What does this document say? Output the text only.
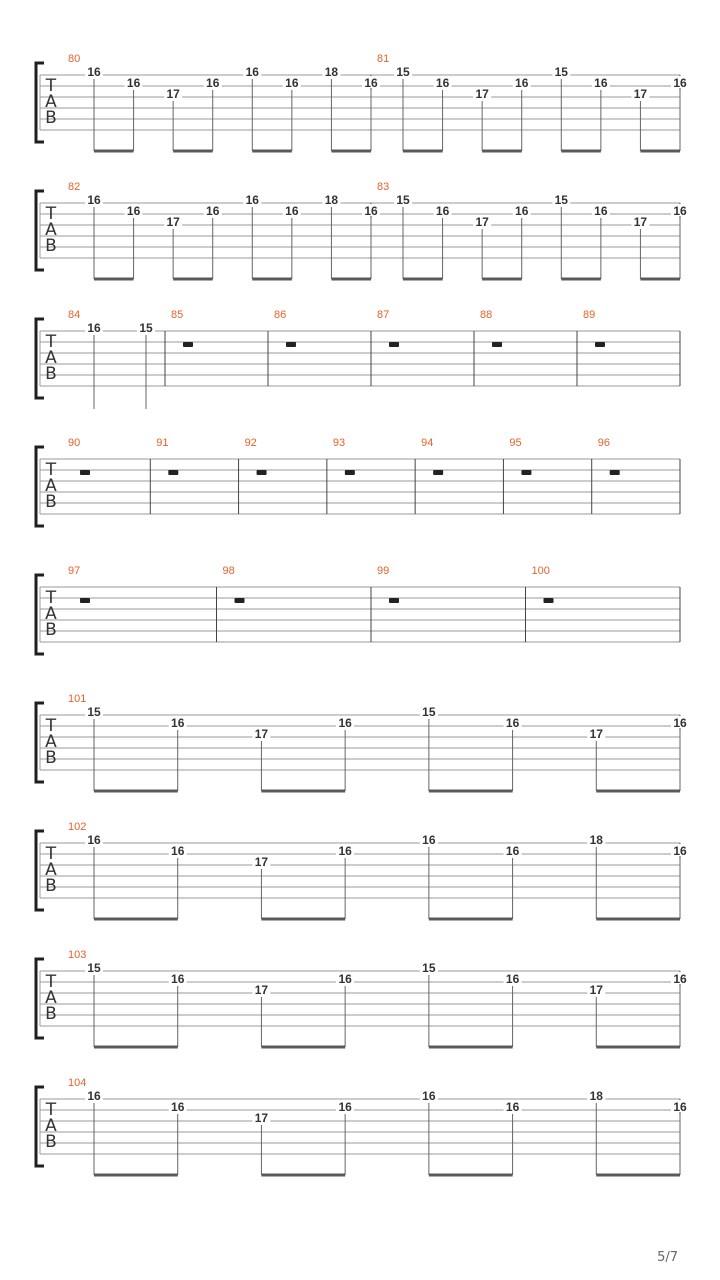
T
A
B
80
16
16
17
16
16
16
18
16
81
15
16
17
16
15
16
17
16
T
A
B
82
16
16
17
16
16
16
18
16
83
15
16
17
16
15
16
17
16
T
A
B
84
16	15
85	86	87	88	89
T
A
B
90	91	92	93	94	95	96
T
A
B
97	98	99	100
T
A
B
101
15
16
17
16
15
16
17
16
T
A
B
102
16
16
17
16
16
16
18
16
T
A
B
103
15
16
17
16
15
16
17
16
T
A
B
104
16
16
17
16
16
16
18
16
5/7
